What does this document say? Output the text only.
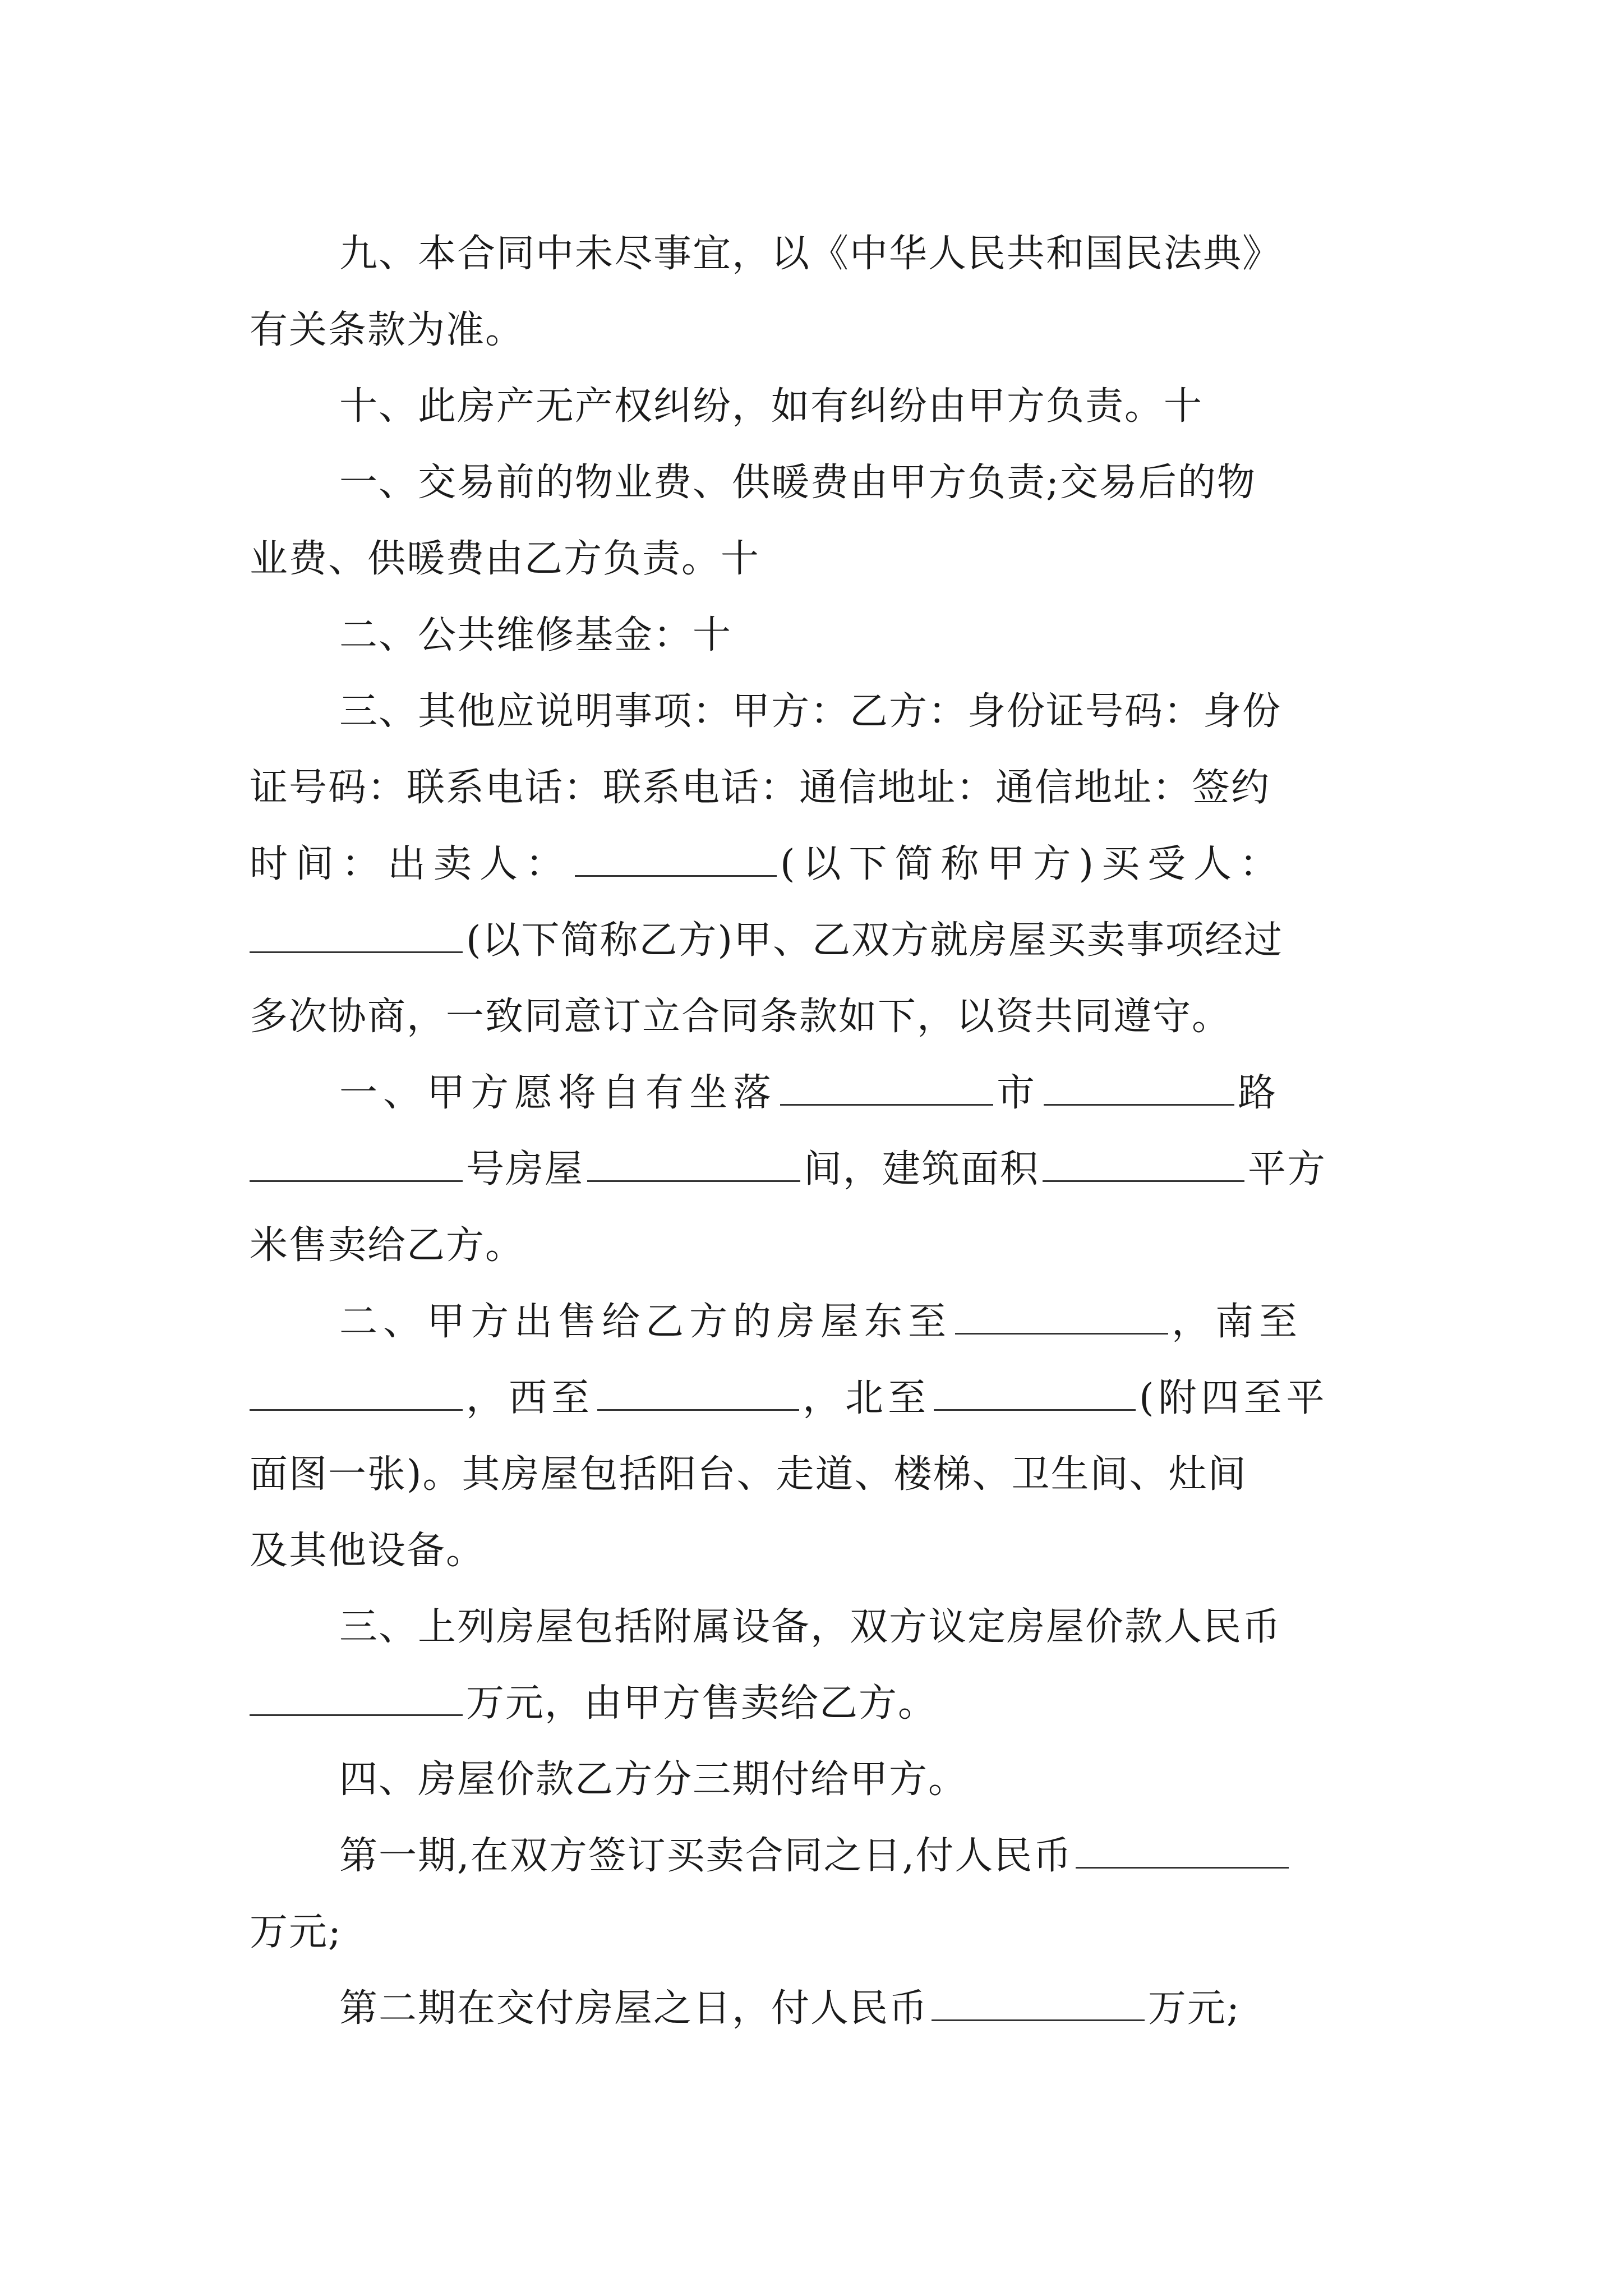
九、本合同中未尽事宜，以《中华人民共和国民法典》

有关条款为准。

十、此房产无产权纠纷，如有纠纷由甲方负责。十

一、交易前的物业费、供暖费由甲方负责;交易后的物

业费、供暖费由乙方负责。十

二、公共维修基金：十

三、其他应说明事项：甲方：乙方：身份证号码：身份

证号码：联系电话：联系电话：通信地址：通信地址：签约

时间：出卖人：	(以下简称甲方)买受人：

(以下简称乙方)甲、乙双方就房屋买卖事项经过

多次协商，一致同意订立合同条款如下，以资共同遵守。

一、甲方愿将自有坐落	市	路

号房屋	间，建筑面积	平方

米售卖给乙方。

二、甲方出售给乙方的房屋东至	，南至

，西至	，北至	(附四至平

面图一张)。其房屋包括阳台、走道、楼梯、卫生间、灶间

及其他设备。

三、上列房屋包括附属设备，双方议定房屋价款人民币

万元，由甲方售卖给乙方。

四、房屋价款乙方分三期付给甲方。

第一期,在双方签订买卖合同之日,付人民币

万元;

第二期在交付房屋之日，付人民币	万元;
